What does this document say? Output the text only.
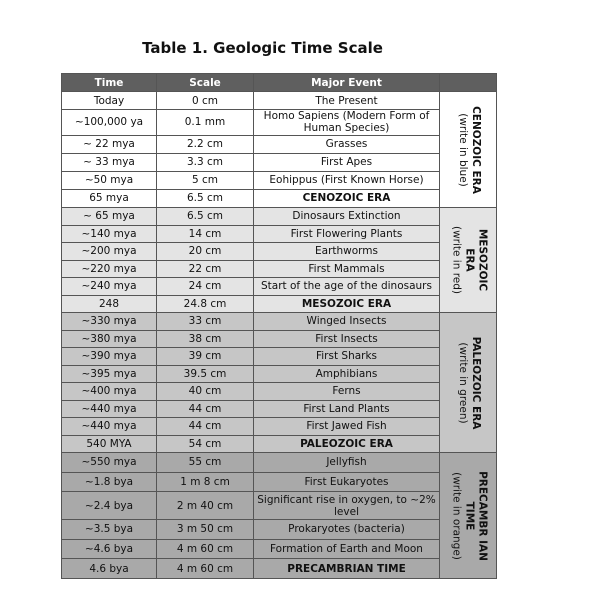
Table 1. Geologic Time Scale
Time	Scale	Major Event	
Today	0 cm	The Present	CENOZOIC ERA
(write in blue)

~100,000 ya	0.1 mm	Homo Sapiens (Modern Form of Human Species)	
~ 22 mya	2.2 cm	Grasses	
~ 33 mya	3.3 cm	First Apes	
~50 mya	5 cm	Eohippus (First Known Horse)	
65 mya	6.5 cm	CENOZOIC ERA	
~ 65 mya	6.5 cm	Dinosaurs Extinction	MESOZOIC
ERA
(write in red)

~140 mya	14 cm	First Flowering Plants	
~200 mya	20 cm	Earthworms	
~220 mya	22 cm	First Mammals	
~240 mya	24 cm	Start of the age of the dinosaurs	
248	24.8 cm	MESOZOIC ERA	
~330 mya	33 cm	Winged Insects	PALEOZOIC ERA
(write in green)

~380 mya	38 cm	First Insects	
~390 mya	39 cm	First Sharks	
~395 mya	39.5 cm	Amphibians	
~400 mya	40 cm	Ferns	
~440 mya	44 cm	First Land Plants	
~440 mya	44 cm	First Jawed Fish	
540 MYA	54 cm	PALEOZOIC ERA	
~550 mya	55 cm	Jellyfish	PRECAMBR IAN
TIME
(write in orange)

~1.8 bya	1 m 8 cm	First Eukaryotes	
~2.4 bya	2 m 40 cm	Significant rise in oxygen, to ~2% level	
~3.5 bya	3 m 50 cm	Prokaryotes (bacteria)	
~4.6 bya	4 m 60 cm	Formation of Earth and Moon	
4.6 bya	4 m 60 cm	PRECAMBRIAN TIME	
